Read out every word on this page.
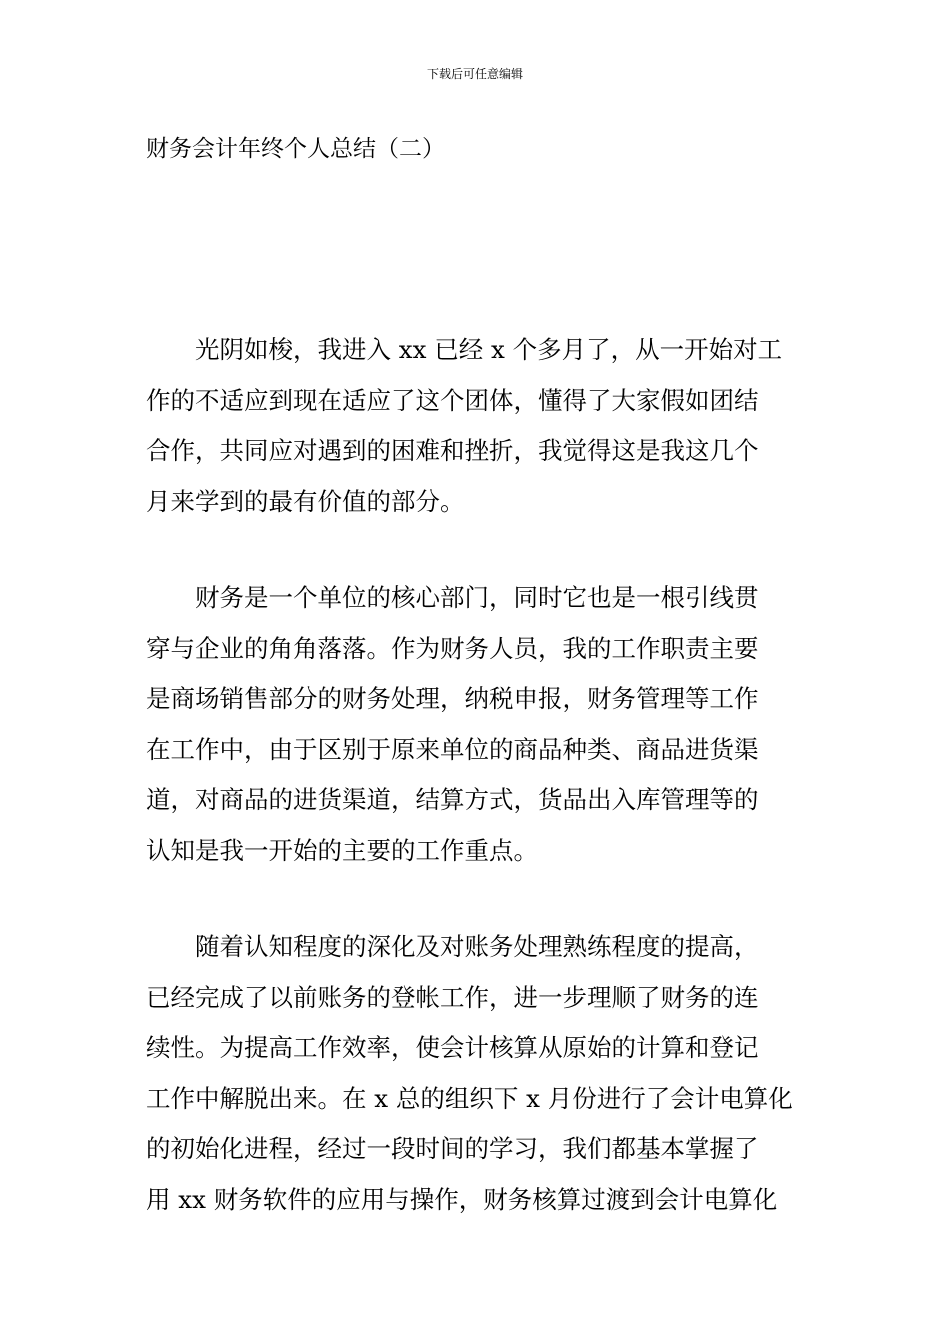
下载后可任意编辑
财务会计年终个人总结（二）

光阴如梭，我进入 xx 已经 x 个多月了，从一开始对工
作的不适应到现在适应了这个团体，懂得了大家假如团结
合作，共同应对遇到的困难和挫折，我觉得这是我这几个
月来学到的最有价值的部分。

财务是一个单位的核心部门，同时它也是一根引线贯
穿与企业的角角落落。作为财务人员，我的工作职责主要
是商场销售部分的财务处理，纳税申报，财务管理等工作
在工作中，由于区别于原来单位的商品种类、商品进货渠
道，对商品的进货渠道，结算方式，货品出入库管理等的
认知是我一开始的主要的工作重点。

随着认知程度的深化及对账务处理熟练程度的提高，
已经完成了以前账务的登帐工作，进一步理顺了财务的连
续性。为提高工作效率，使会计核算从原始的计算和登记
工作中解脱出来。在 x 总的组织下 x 月份进行了会计电算化
的初始化进程，经过一段时间的学习，我们都基本掌握了
用 xx 财务软件的应用与操作，财务核算过渡到会计电算化
